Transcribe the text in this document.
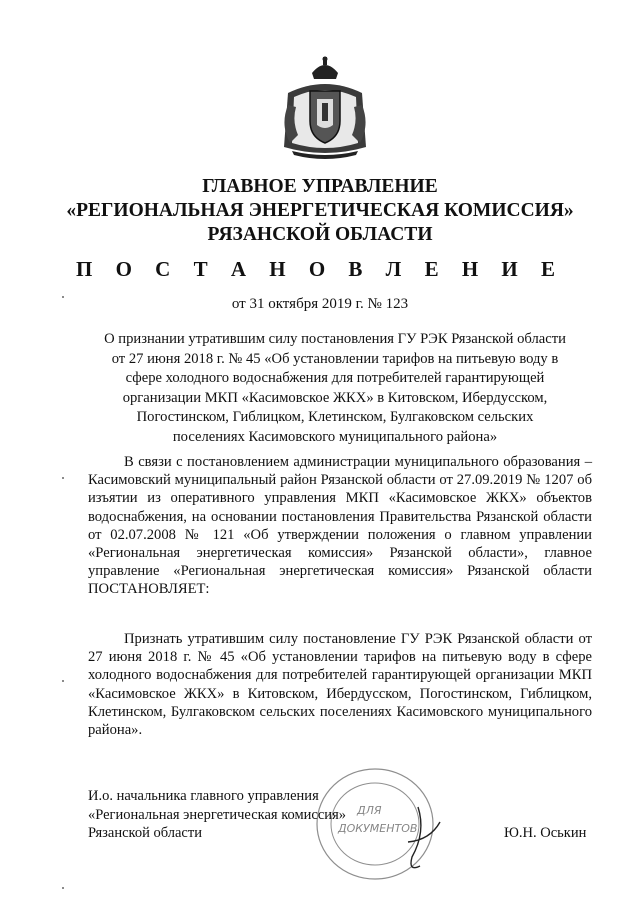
ГЛАВНОЕ УПРАВЛЕНИЕ
«РЕГИОНАЛЬНАЯ ЭНЕРГЕТИЧЕСКАЯ КОМИССИЯ»
РЯЗАНСКОЙ ОБЛАСТИ
П О С Т А Н О В Л Е Н И Е
от 31 октября 2019 г. № 123
О признании утратившим силу постановления ГУ РЭК Рязанской области
от 27 июня 2018 г. № 45 «Об установлении тарифов на питьевую воду в
сфере холодного водоснабжения для потребителей гарантирующей
организации МКП «Касимовское ЖКХ» в Китовском, Ибердусском,
Погостинском, Гиблицком, Клетинском, Булгаковском сельских
поселениях Касимовского муниципального района»
В связи с постановлением администрации муниципального образования – Касимовский муниципальный район Рязанской области от 27.09.2019 № 1207 об изъятии из оперативного управления МКП «Касимовское ЖКХ» объектов водоснабжения, на основании постановления Правительства Рязанской области от 02.07.2008 № 121 «Об утверждении положения о главном управлении «Региональная энергетическая комиссия» Рязанской области», главное управление «Региональная энергетическая комиссия» Рязанской области ПОСТАНОВЛЯЕТ:
Признать утратившим силу постановление ГУ РЭК Рязанской области от 27 июня 2018 г. № 45 «Об установлении тарифов на питьевую воду в сфере холодного водоснабжения для потребителей гарантирующей организации МКП «Касимовское ЖКХ» в Китовском, Ибердусском, Погостинском, Гиблицком, Клетинском, Булгаковском сельских поселениях Касимовского муниципального района».
И.о. начальника главного управления
«Региональная энергетическая комиссия»
Рязанской области	Ю.Н. Оськин
ДЛЯ
ДОКУМЕНТОВ
